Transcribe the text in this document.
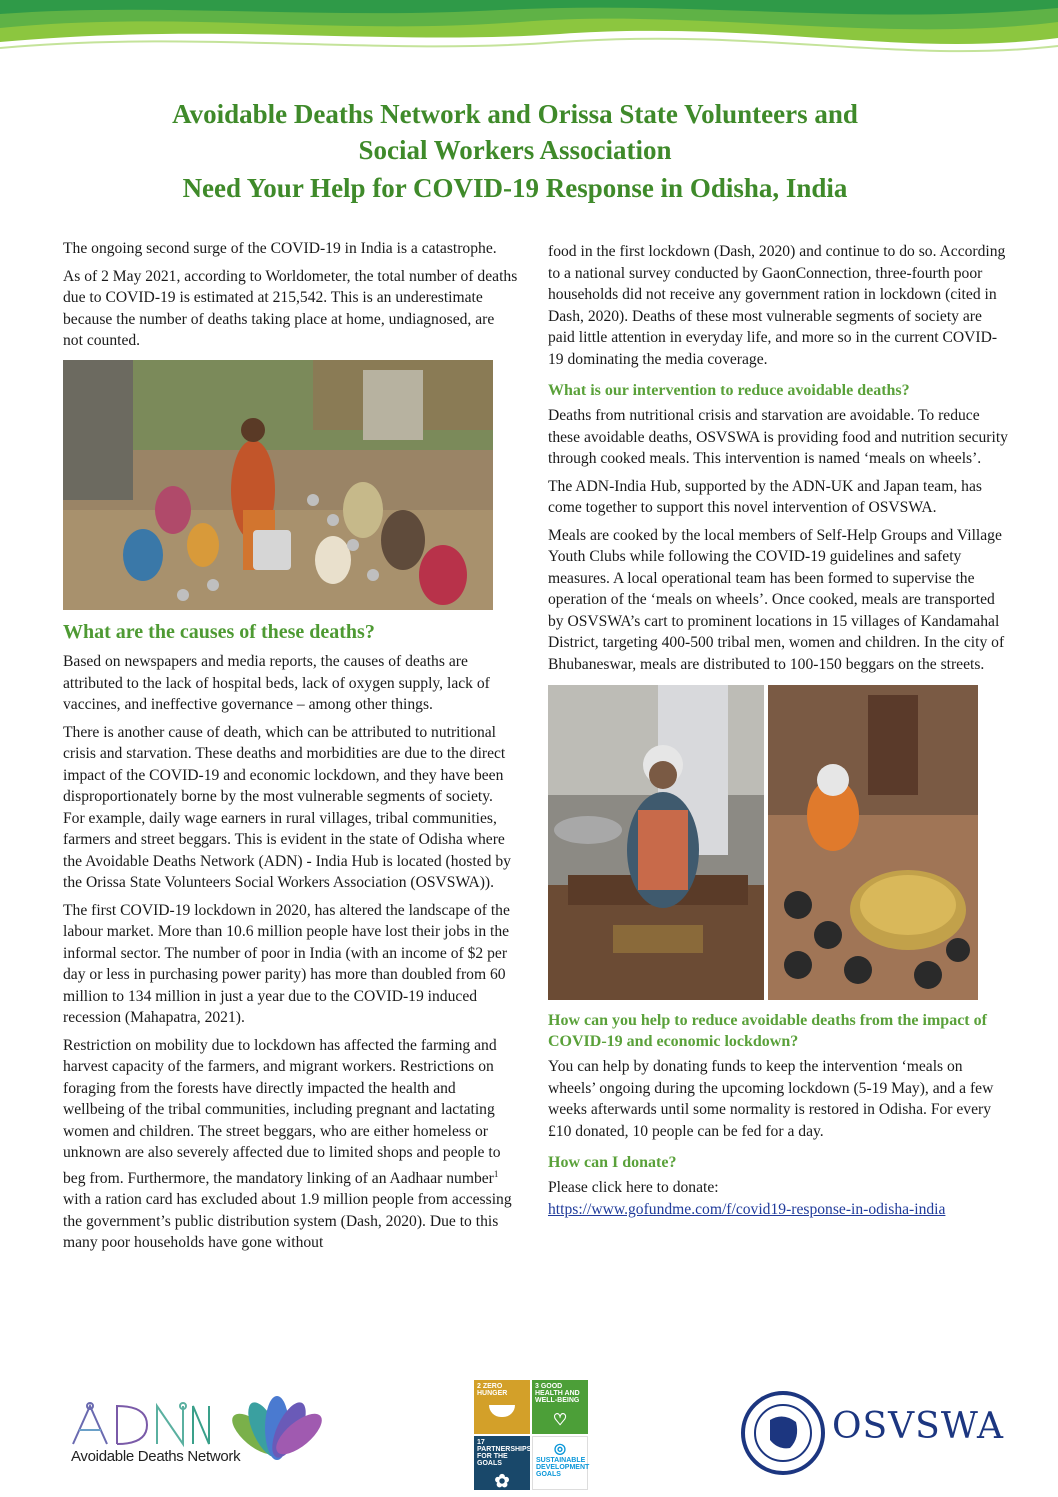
Avoidable Deaths Network and Orissa State Volunteers and

Social Workers Association

Need Your Help for COVID-19 Response in Odisha, India

The ongoing second surge of the COVID-19 in India is a catastrophe.

As of 2 May 2021, according to Worldometer, the total number of deaths due to COVID-19 is estimated at 215,542. This is an underestimate because the number of deaths taking place at home, undiagnosed, are not counted.

What are the causes of these deaths?

Based on newspapers and media reports, the causes of deaths are attributed to the lack of hospital beds, lack of oxygen supply, lack of vaccines, and ineffective governance – among other things.

There is another cause of death, which can be attributed to nutritional crisis and starvation. These deaths and morbidities are due to the direct impact of the COVID-19 and economic lockdown, and they have been disproportionately borne by the most vulnerable segments of society. For example, daily wage earners in rural villages, tribal communities, farmers and street beggars. This is evident in the state of Odisha where the Avoidable Deaths Network (ADN) - India Hub is located (hosted by the Orissa State Volunteers Social Workers Association (OSVSWA)).

The first COVID-19 lockdown in 2020, has altered the landscape of the labour market. More than 10.6 million people have lost their jobs in the informal sector. The number of poor in India (with an income of $2 per day or less in purchasing power parity) has more than doubled from 60 million to 134 million in just a year due to the COVID-19 induced recession (Mahapatra, 2021).

Restriction on mobility due to lockdown has affected the farming and harvest capacity of the farmers, and migrant workers. Restrictions on foraging from the forests have directly impacted the health and wellbeing of the tribal communities, including pregnant and lactating women and children. The street beggars, who are either homeless or unknown are also severely affected due to limited shops and people to beg from. Furthermore, the mandatory linking of an Aadhaar number$^1$ with a ration card has excluded about 1.9 million people from accessing the government’s public distribution system (Dash, 2020). Due to this many poor households have gone without

food in the first lockdown (Dash, 2020) and continue to do so. According to a national survey conducted by GaonConnection, three-fourth poor households did not receive any government ration in lockdown (cited in Dash, 2020). Deaths of these most vulnerable segments of society are paid little attention in everyday life, and more so in the current COVID-19 dominating the media coverage.

What is our intervention to reduce avoidable deaths?

Deaths from nutritional crisis and starvation are avoidable. To reduce these avoidable deaths, OSVSWA is providing food and nutrition security through cooked meals. This intervention is named ‘meals on wheels’.

The ADN-India Hub, supported by the ADN-UK and Japan team, has come together to support this novel intervention of OSVSWA.

Meals are cooked by the local members of Self-Help Groups and Village Youth Clubs while following the COVID-19 guidelines and safety measures. A local operational team has been formed to supervise the operation of the ‘meals on wheels’. Once cooked, meals are transported by OSVSWA’s cart to prominent locations in 15 villages of Kandamahal District, targeting 400-500 tribal men, women and children. In the city of Bhubaneswar, meals are distributed to 100-150 beggars on the streets.

How can you help to reduce avoidable deaths from the impact of COVID-19 and economic lockdown?

You can help by donating funds to keep the intervention ‘meals on wheels’ ongoing during the upcoming lockdown (5-19 May), and a few weeks afterwards until some normality is restored in Odisha. For every £10 donated, 10 people can be fed for a day.

How can I donate?

Please click here to donate:

https://www.gofundme.com/f/covid19-response-in-odisha-india
Avoidable Deaths Network
2 ZERO HUNGER
3 GOOD HEALTH AND WELL-BEING
♡
17 PARTNERSHIPS FOR THE GOALS
✿
◎
SUSTAINABLE DEVELOPMENT GOALS
OSVSWA
